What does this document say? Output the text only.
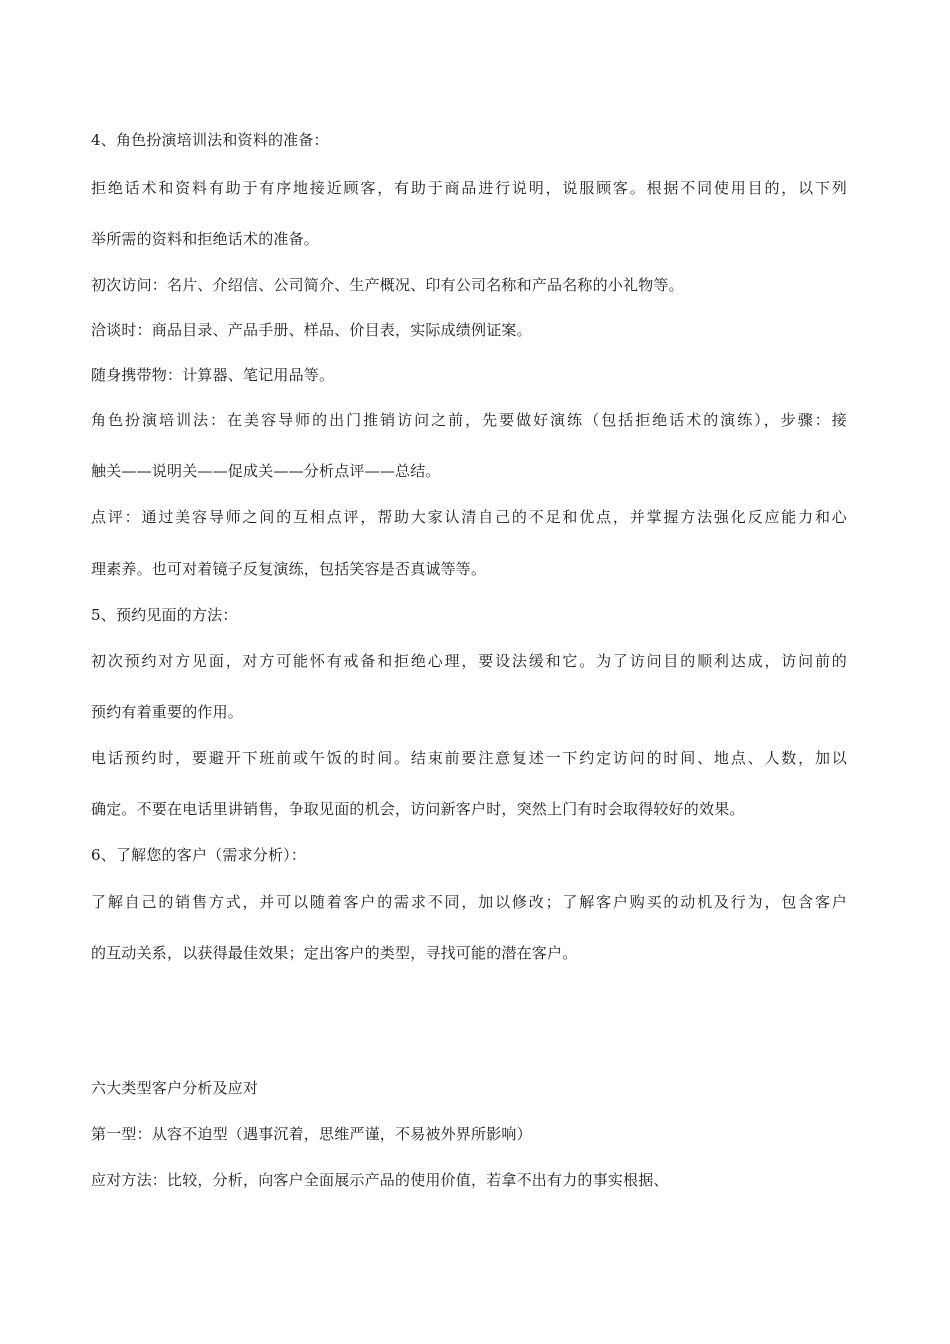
4、角色扮演培训法和资料的准备：
拒绝话术和资料有助于有序地接近顾客，有助于商品进行说明，说服顾客。根据不同使用目的，以下列
举所需的资料和拒绝话术的准备。
初次访问：名片、介绍信、公司简介、生产概况、印有公司名称和产品名称的小礼物等。
洽谈时：商品目录、产品手册、样品、价目表，实际成绩例证案。
随身携带物：计算器、笔记用品等。
角色扮演培训法：在美容导师的出门推销访问之前，先要做好演练（包括拒绝话术的演练），步骤：接
触关——说明关——促成关——分析点评——总结。
点评：通过美容导师之间的互相点评，帮助大家认清自己的不足和优点，并掌握方法强化反应能力和心
理素养。也可对着镜子反复演练，包括笑容是否真诚等等。
5、预约见面的方法：
初次预约对方见面，对方可能怀有戒备和拒绝心理，要设法缓和它。为了访问目的顺利达成，访问前的
预约有着重要的作用。
电话预约时，要避开下班前或午饭的时间。结束前要注意复述一下约定访问的时间、地点、人数，加以
确定。不要在电话里讲销售，争取见面的机会，访问新客户时，突然上门有时会取得较好的效果。
6、了解您的客户（需求分析）：
了解自己的销售方式，并可以随着客户的需求不同，加以修改；了解客户购买的动机及行为，包含客户
的互动关系，以获得最佳效果；定出客户的类型，寻找可能的潜在客户。
六大类型客户分析及应对
第一型：从容不迫型（遇事沉着，思维严谨，不易被外界所影响）
应对方法：比较，分析，向客户全面展示产品的使用价值，若拿不出有力的事实根据、
